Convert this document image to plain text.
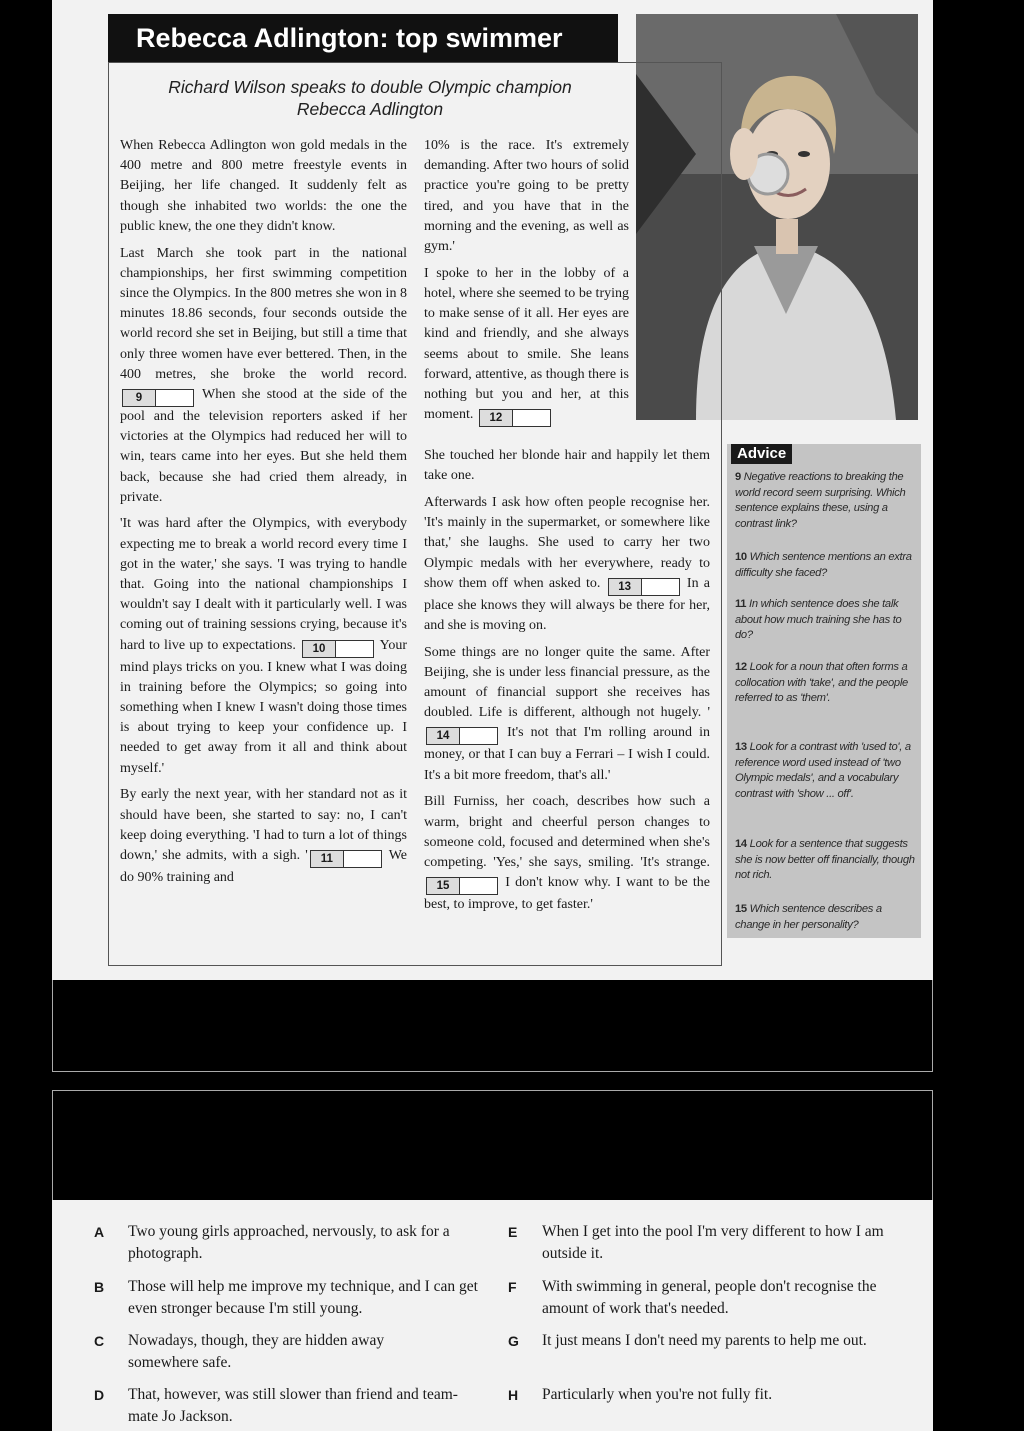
Rebecca Adlington: top swimmer
Richard Wilson speaks to double Olympic champion
Rebecca Adlington

When Rebecca Adlington won gold medals in the 400 metre and 800 metre freestyle events in Beijing, her life changed. It suddenly felt as though she inhabited two worlds: the one the public knew, the one they didn't know.

Last March she took part in the national championships, her first swimming competition since the Olympics. In the 800 metres she won in 8 minutes 18.86 seconds, four seconds outside the world record she set in Beijing, but still a time that only three women have ever bettered. Then, in the 400 metres, she broke the world record. 9	When she stood at the side of the pool and the television reporters asked if her victories at the Olympics had reduced her will to win, tears came into her eyes. But she held them back, because she had cried them already, in private.

'It was hard after the Olympics, with everybody expecting me to break a world record every time I got in the water,' she says. 'I was trying to handle that. Going into the national championships I wouldn't say I dealt with it particularly well. I was coming out of training sessions crying, because it's hard to live up to expectations. 10	Your mind plays tricks on you. I knew what I was doing in training before the Olympics; so going into something when I knew I wasn't doing those times is about trying to keep your confidence up. I needed to get away from it all and think about myself.'

By early the next year, with her standard not as it should have been, she started to say: no, I can't keep doing everything. 'I had to turn a lot of things down,' she admits, with a sigh. ' 11	We do 90% training and

10% is the race. It's extremely demanding. After two hours of solid practice you're going to be pretty tired, and you have that in the morning and the evening, as well as gym.'

I spoke to her in the lobby of a hotel, where she seemed to be trying to make sense of it all. Her eyes are kind and friendly, and she always seems about to smile. She leans forward, attentive, as though there is nothing but you and her, at this moment. 12

She touched her blonde hair and happily let them take one.

Afterwards I ask how often people recognise her. 'It's mainly in the supermarket, or somewhere like that,' she laughs. She used to carry her two Olympic medals with her everywhere, ready to show them off when asked to. 13	In a place she knows they will always be there for her, and she is moving on.

Some things are no longer quite the same. After Beijing, she is under less financial pressure, as the amount of financial support she receives has doubled. Life is different, although not hugely. '14	It's not that I'm rolling around in money, or that I can buy a Ferrari – I wish I could. It's a bit more freedom, that's all.'

Bill Furniss, her coach, describes how such a warm, bright and cheerful person changes to someone cold, focused and determined when she's competing. 'Yes,' she says, smiling. 'It's strange. 15	I don't know why. I want to be the best, to improve, to get faster.'

Advice
9 Negative reactions to breaking the world record seem surprising. Which sentence explains these, using a contrast link?
10 Which sentence mentions an extra difficulty she faced?
11 In which sentence does she talk about how much training she has to do?
12 Look for a noun that often forms a collocation with 'take', and the people referred to as 'them'.
13 Look for a contrast with 'used to', a reference word used instead of 'two Olympic medals', and a vocabulary contrast with 'show ... off'.
14 Look for a sentence that suggests she is now better off financially, though not rich.
15 Which sentence describes a change in her personality?
A Two young girls approached, nervously, to ask for a photograph.
B Those will help me improve my technique, and I can get even stronger because I'm still young.
C Nowadays, though, they are hidden away somewhere safe.
D That, however, was still slower than friend and team-mate Jo Jackson.
E When I get into the pool I'm very different to how I am outside it.
F With swimming in general, people don't recognise the amount of work that's needed.
G It just means I don't need my parents to help me out.
H Particularly when you're not fully fit.
